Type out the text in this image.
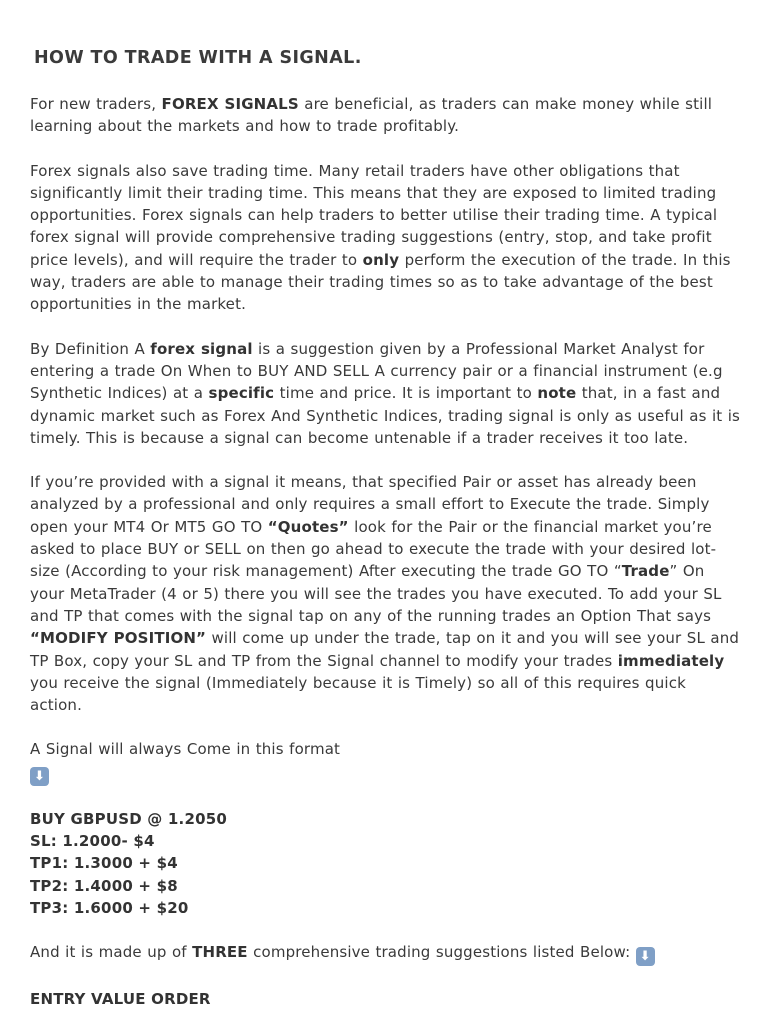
HOW TO TRADE WITH A SIGNAL.

For new traders, FOREX SIGNALS are beneficial, as traders can make money while still learning about the markets and how to trade profitably.

Forex signals also save trading time. Many retail traders have other obligations that significantly limit their trading time. This means that they are exposed to limited trading opportunities. Forex signals can help traders to better utilise their trading time. A typical forex signal will provide comprehensive trading suggestions (entry, stop, and take profit price levels), and will require the trader to only perform the execution of the trade. In this way, traders are able to manage their trading times so as to take advantage of the best opportunities in the market.

By Definition A forex signal is a suggestion given by a Professional Market Analyst for entering a trade On When to BUY AND SELL A currency pair or a financial instrument (e.g Synthetic Indices) at a specific time and price. It is important to note that, in a fast and dynamic market such as Forex And Synthetic Indices, trading signal is only as useful as it is timely. This is because a signal can become untenable if a trader receives it too late.

If you’re provided with a signal it means, that specified Pair or asset has already been analyzed by a professional and only requires a small effort to Execute the trade. Simply open your MT4 Or MT5 GO TO “Quotes” look for the Pair or the financial market you’re asked to place BUY or SELL on then go ahead to execute the trade with your desired lot-size (According to your risk management) After executing the trade GO TO “Trade” On your MetaTrader (4 or 5) there you will see the trades you have executed. To add your SL and TP that comes with the signal tap on any of the running trades an Option That says “MODIFY POSITION” will come up under the trade, tap on it and you will see your SL and TP Box, copy your SL and TP from the Signal channel to modify your trades immediately you receive the signal (Immediately because it is Timely) so all of this requires quick action.

A Signal will always Come in this format
⬇

BUY GBPUSD @ 1.2050
SL: 1.2000- $4
TP1: 1.3000 + $4
TP2: 1.4000 + $8
TP3: 1.6000 + $20

And it is made up of THREE comprehensive trading suggestions listed Below: ⬇

ENTRY VALUE ORDER
